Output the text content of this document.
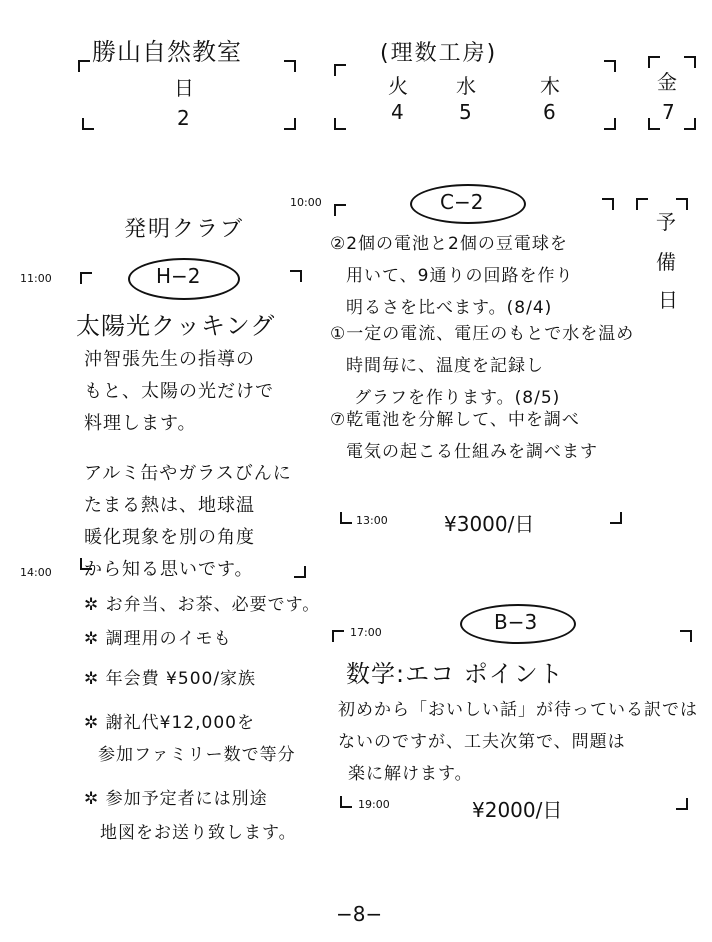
勝山自然教室
日
2
(理数工房)
火 水	木
4	5	6
金
7
発明クラブ
11:00	H−2
太陽光クッキング
沖智張先生の指導の
もと、太陽の光だけで
料理します。
アルミ缶やガラスびんに
たまる熱は、地球温
暖化現象を別の角度
から知る思いです。
14:00
✲ お弁当、お茶、必要です。
✲ 調理用のイモも
✲ 年会費 ¥500/家族
✲ 謝礼代¥12,000を
参加ファミリー数で等分
✲ 参加予定者には別途
地図をお送り致します。
10:00	C−2
予
備
日
②2個の電池と2個の豆電球を
用いて、9通りの回路を作り
明るさを比べます。(8/4)
①一定の電流、電圧のもとで水を温め
時間毎に、温度を記録し
グラフを作ります。(8/5)
⑦乾電池を分解して、中を調べ
電気の起こる仕組みを調べます
13:00	¥3000/日
17:00	B−3
数学:エコ ポイント
初めから「おいしい話」が待っている訳では
ないのですが、工夫次第で、問題は
楽に解けます。
19:00	¥2000/日
−8−
